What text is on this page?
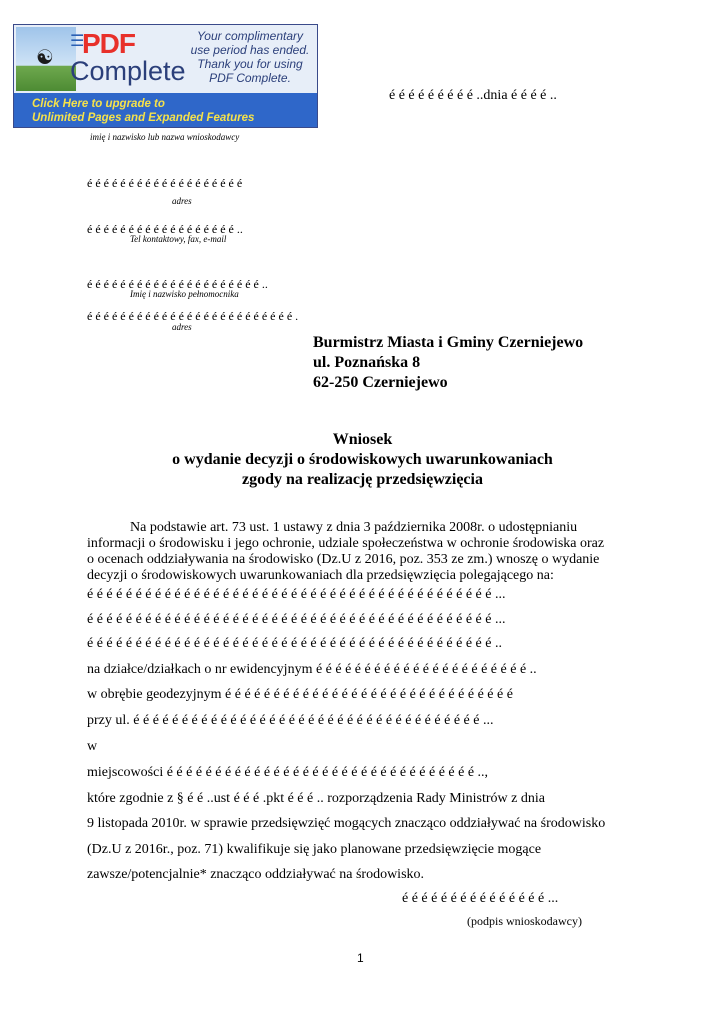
☯
☰
PDF
Complete
Your complimentary use period has ended. Thank you for using PDF Complete.
Click Here to upgrade to
Unlimited Pages and Expanded Features
é é é é é é é é é ..dnia é é é é ..
imię i nazwisko lub nazwa wnioskodawcy
é é é é é é é é é é é é é é é é é é é
adres
é é é é é é é é é é é é é é é é é é ..
Tel kontaktowy, fax, e-mail
é é é é é é é é é é é é é é é é é é é é é ..
Imię i nazwisko pełnomocnika
é é é é é é é é é é é é é é é é é é é é é é é é é .
adres
Burmistrz Miasta i Gminy Czerniejewo
ul. Poznańska 8
62-250 Czerniejewo
Wniosek
o wydanie decyzji o środowiskowych uwarunkowaniach
zgody na realizację przedsięwzięcia
Na podstawie art. 73 ust. 1 ustawy z dnia 3 października 2008r. o udostępnianiu
informacji o środowisku i jego ochronie, udziale społeczeństwa w ochronie środowiska oraz
o ocenach oddziaływania na środowisko (Dz.U z 2016, poz. 353 ze zm.) wnoszę o wydanie
decyzji o środowiskowych uwarunkowaniach dla przedsięwzięcia polegającego na:
é é é é é é é é é é é é é é é é é é é é é é é é é é é é é é é é é é é é é é é é é é ...
é é é é é é é é é é é é é é é é é é é é é é é é é é é é é é é é é é é é é é é é é é ...
é é é é é é é é é é é é é é é é é é é é é é é é é é é é é é é é é é é é é é é é é é ..
na działce/działkach o nr ewidencyjnym é é é é é é é é é é é é é é é é é é é é é é ..
w obrębie geodezyjnym é é é é é é é é é é é é é é é é é é é é é é é é é é é é é é
przy ul. é é é é é é é é é é é é é é é é é é é é é é é é é é é é é é é é é é é é ...
w
miejscowości é é é é é é é é é é é é é é é é é é é é é é é é é é é é é é é é ..,
które zgodnie z § é é ..ust é é é .pkt é é é .. rozporządzenia Rady Ministrów z dnia
9 listopada 2010r. w sprawie przedsięwzięć mogących znacząco oddziaływać na środowisko
(Dz.U z 2016r., poz. 71) kwalifikuje się jako planowane przedsięwzięcie mogące
zawsze/potencjalnie* znacząco oddziaływać na środowisko.
é é é é é é é é é é é é é é é ...
(podpis wnioskodawcy)
1
